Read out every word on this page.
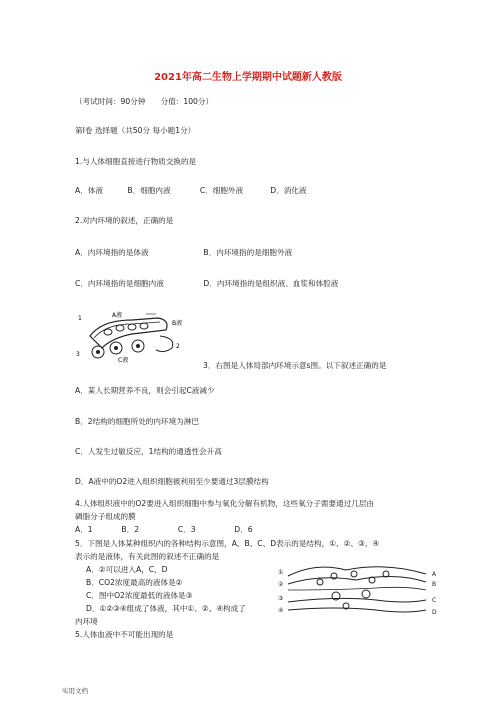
2021年高二生物上学期期中试题新人教版
（考试时间：90分钟　　分值：100分）
第Ⅰ卷 选择题（共50分 每小题1分）
1.与人体细胞直接进行物质交换的是
A．体液	B．细胞内液	C．细胞外液	D．消化液
2.对内环境的叙述，正确的是
A．内环境指的是体液	B．内环境指的是细胞外液
C．内环境指的是细胞内液	D．内环境指的是组织液、血浆和体腔液
A液
B液
C液
1
2
3
3．右图是人体局部内环境示意s图。以下叙述正确的是
A．某人长期营养不良，则会引起C液减少
B．2结构的细胞所处的内环境为淋巴
C．人发生过敏反应，1结构的通透性会升高
D．A液中的O2进入组织细胞被利用至少要通过3层膜结构
4.人体组织液中的O2要进入组织细胞中参与氧化分解有机物，这些氧分子需要通过几层由
磷脂分子组成的膜
A．1	B．2	C．3	D．6
5．下图是人体某种组织内的各种结构示意图，A、B、C、D表示的是结构，①、②、③、④
表示的是液体，有关此图的叙述不正确的是
A．②可以进入A，C，D
B．CO2浓度最高的液体是②
C．图中O2浓度最低的液体是③
D．①②③④组成了体液，其中①、②、④构成了
内环境
5.人体血液中不可能出现的是
①
②
③
④
A
B
C
D
实用文档
